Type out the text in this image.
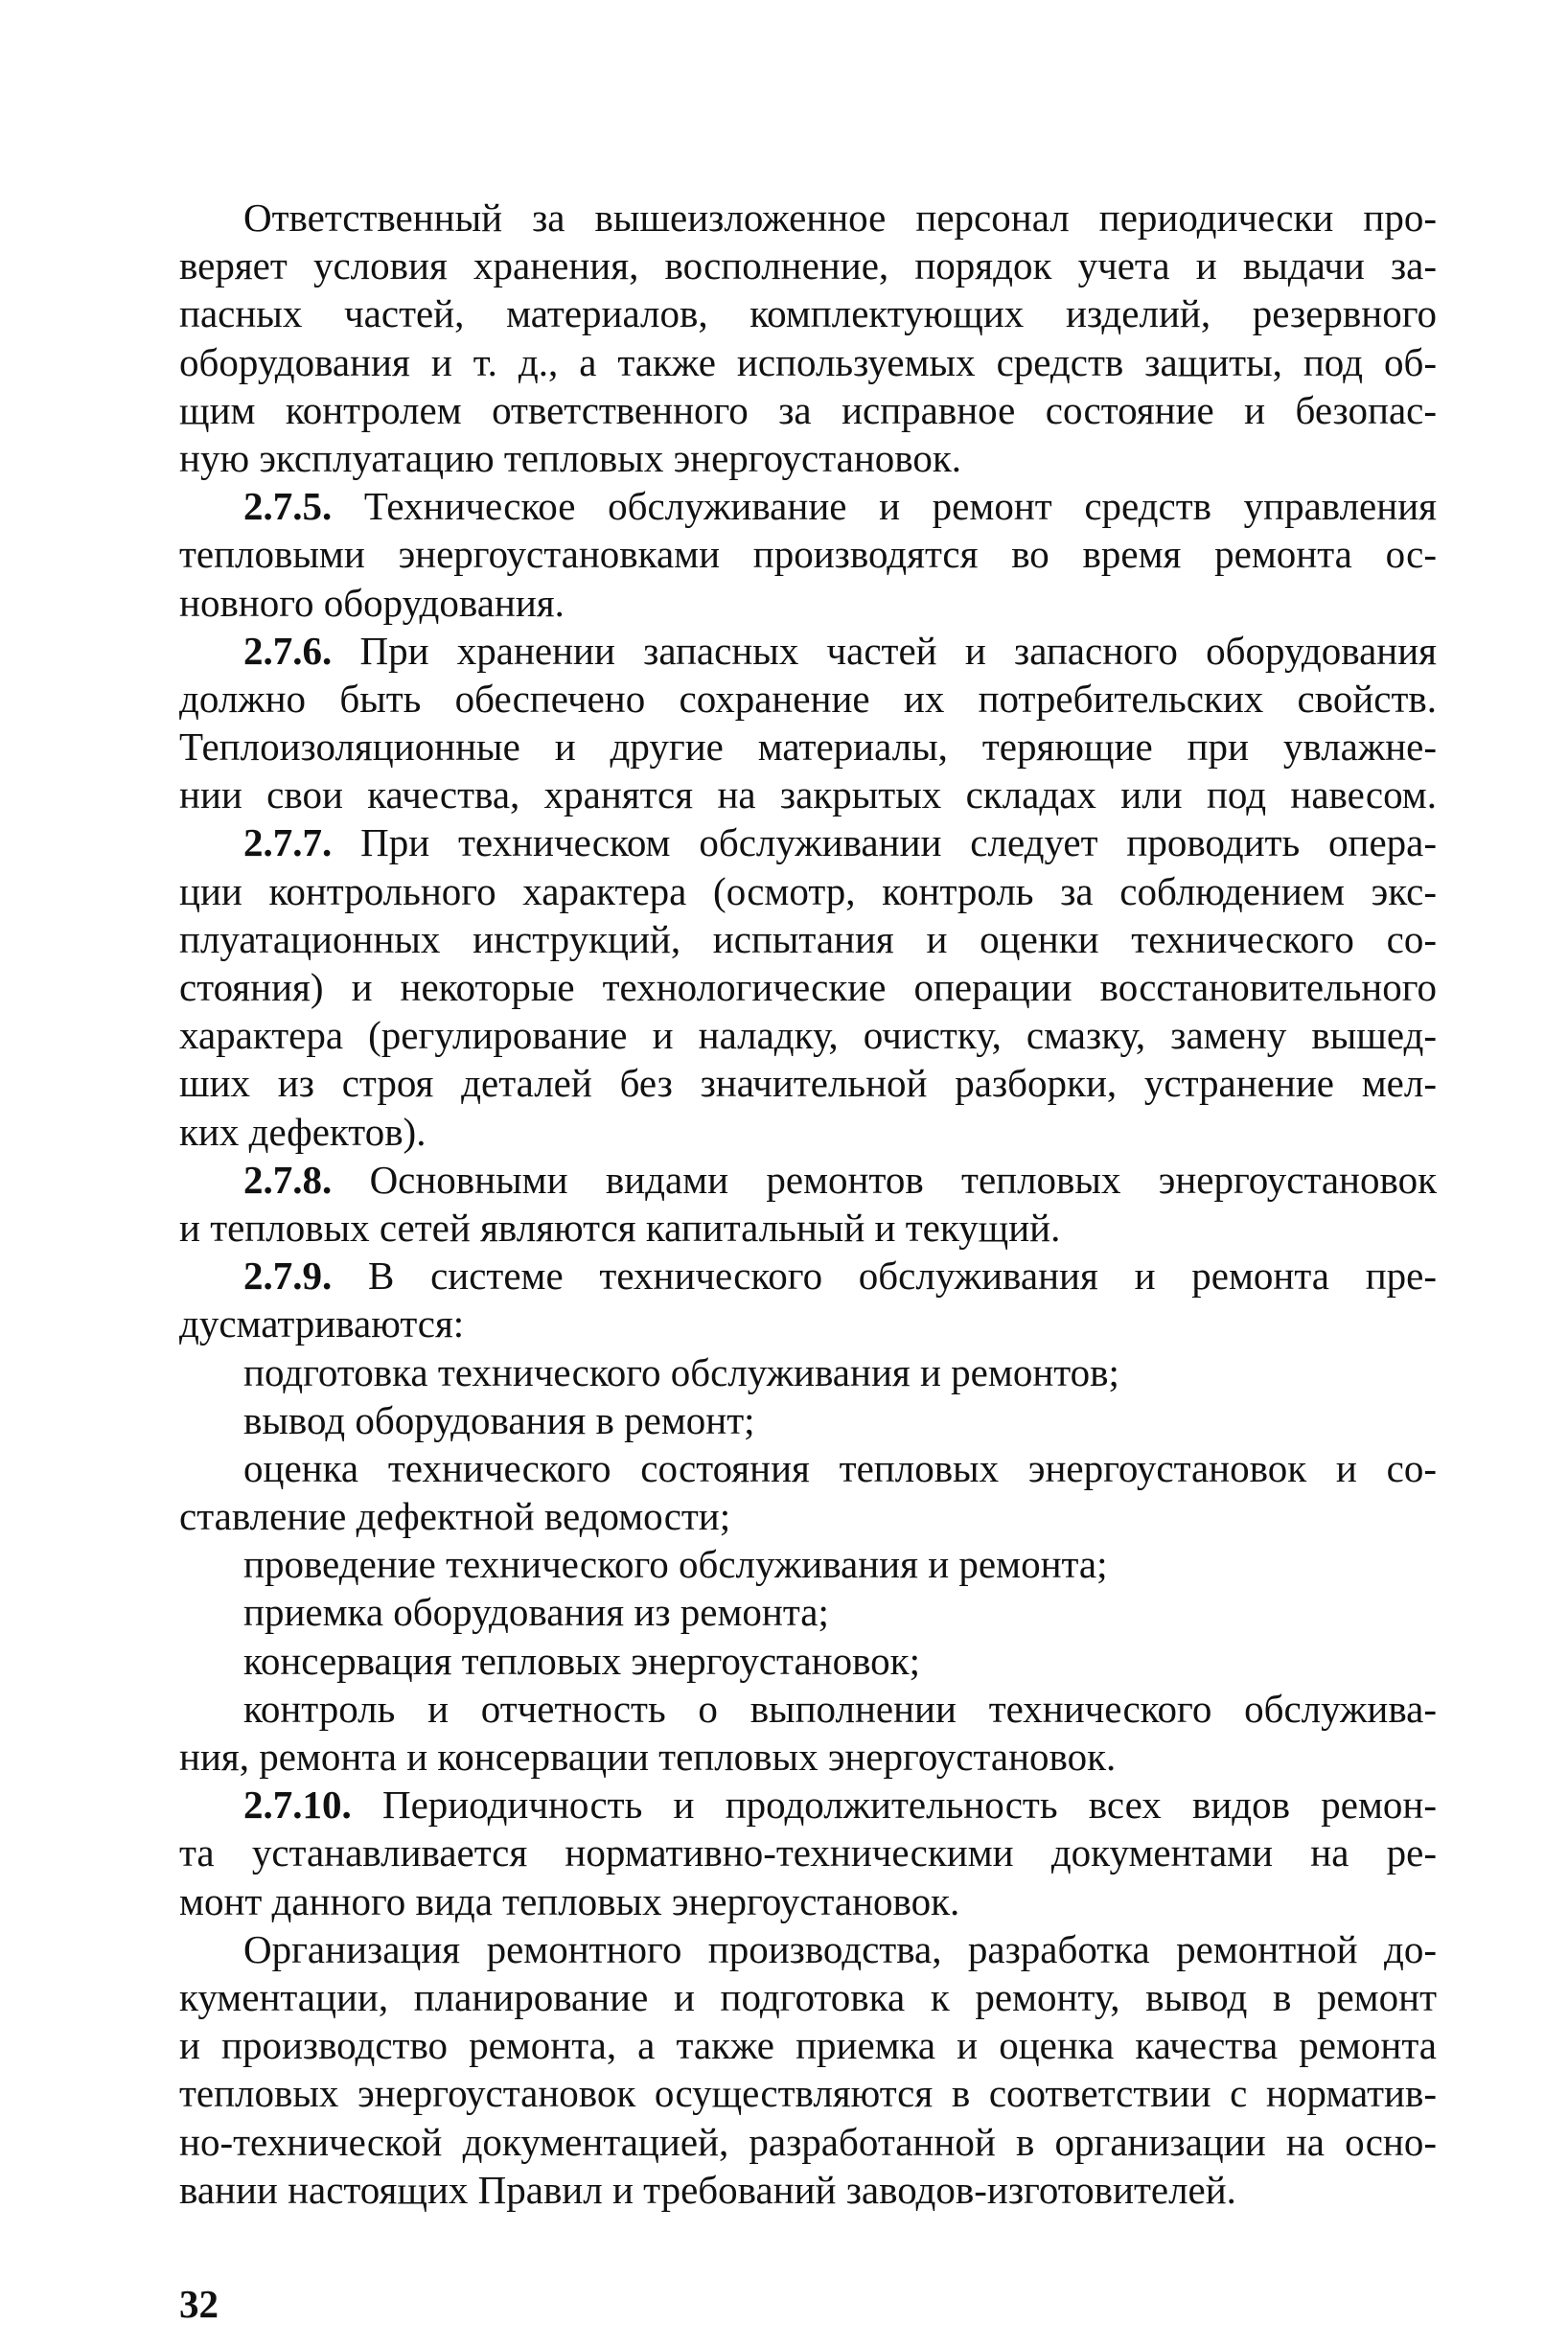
Ответственный за вышеизложенное персонал периодически про-
веряет условия хранения, восполнение, порядок учета и выдачи за-
пасных частей, материалов, комплектующих изделий, резервного
оборудования и т. д., а также используемых средств защиты, под об-
щим контролем ответственного за исправное состояние и безопас-
ную эксплуатацию тепловых энергоустановок.
2.7.5. Техническое обслуживание и ремонт средств управления
тепловыми энергоустановками производятся во время ремонта ос-
новного оборудования.
2.7.6. При хранении запасных частей и запасного оборудования
должно быть обеспечено сохранение их потребительских свойств.
Теплоизоляционные и другие материалы, теряющие при увлажне-
нии свои качества, хранятся на закрытых складах или под навесом.
2.7.7. При техническом обслуживании следует проводить опера-
ции контрольного характера (осмотр, контроль за соблюдением экс-
плуатационных инструкций, испытания и оценки технического со-
стояния) и некоторые технологические операции восстановительного
характера (регулирование и наладку, очистку, смазку, замену вышед-
ших из строя деталей без значительной разборки, устранение мел-
ких дефектов).
2.7.8. Основными видами ремонтов тепловых энергоустановок
и тепловых сетей являются капитальный и текущий.
2.7.9. В системе технического обслуживания и ремонта пре-
дусматриваются:
подготовка технического обслуживания и ремонтов;
вывод оборудования в ремонт;
оценка технического состояния тепловых энергоустановок и со-
ставление дефектной ведомости;
проведение технического обслуживания и ремонта;
приемка оборудования из ремонта;
консервация тепловых энергоустановок;
контроль и отчетность о выполнении технического обслужива-
ния, ремонта и консервации тепловых энергоустановок.
2.7.10. Периодичность и продолжительность всех видов ремон-
та устанавливается нормативно-техническими документами на ре-
монт данного вида тепловых энергоустановок.
Организация ремонтного производства, разработка ремонтной до-
кументации, планирование и подготовка к ремонту, вывод в ремонт
и производство ремонта, а также приемка и оценка качества ремонта
тепловых энергоустановок осуществляются в соответствии с норматив-
но-технической документацией, разработанной в организации на осно-
вании настоящих Правил и требований заводов-изготовителей.
32
